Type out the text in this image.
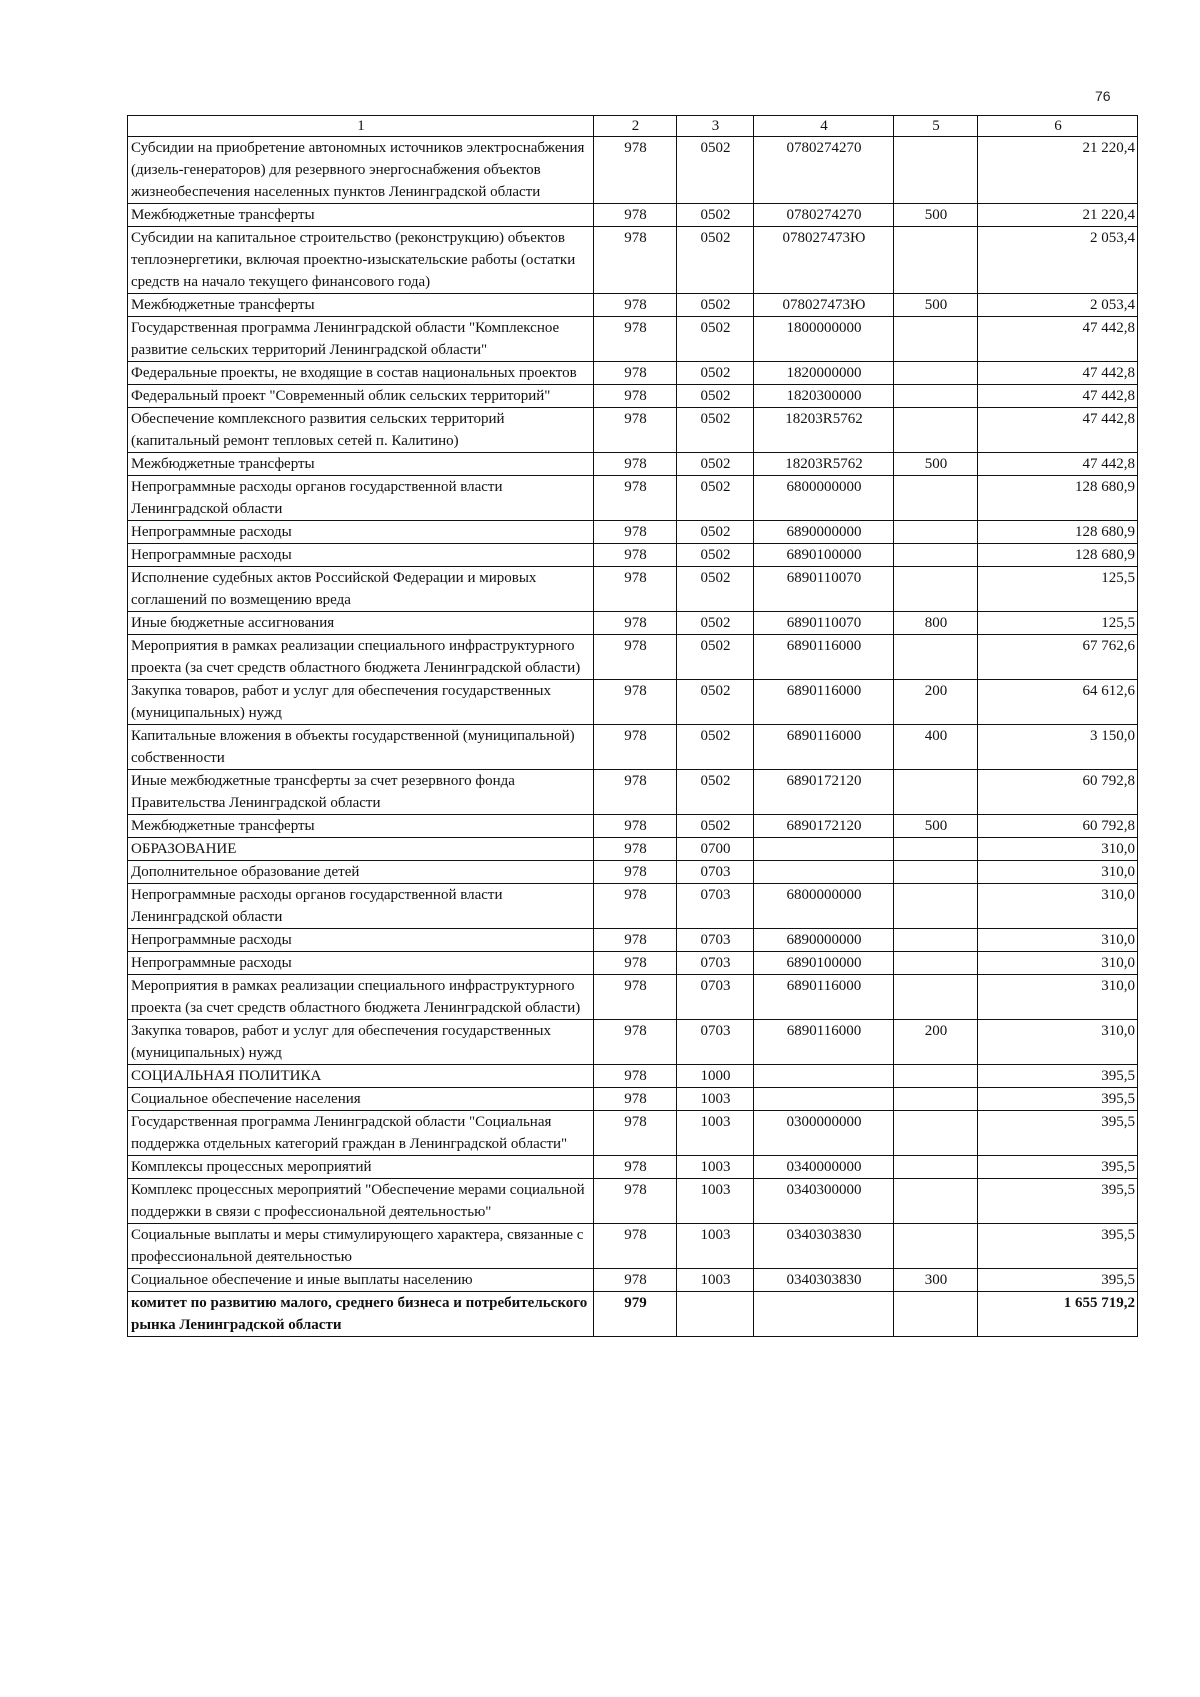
76
1	2	3	4	5	6
Субсидии на приобретение автономных источников электроснабжения (дизель-генераторов) для резервного энергоснабжения объектов жизнеобеспечения населенных пунктов Ленинградской области	978	0502	0780274270		21 220,4
Межбюджетные трансферты	978	0502	0780274270	500	21 220,4
Субсидии на капитальное строительство (реконструкцию) объектов теплоэнергетики, включая проектно-изыскательские работы (остатки средств на начало текущего финансового года)	978	0502	078027473Ю		2 053,4
Межбюджетные трансферты	978	0502	078027473Ю	500	2 053,4
Государственная программа Ленинградской области "Комплексное развитие сельских территорий Ленинградской области"	978	0502	1800000000		47 442,8
Федеральные проекты, не входящие в состав национальных проектов	978	0502	1820000000		47 442,8
Федеральный проект "Современный облик сельских территорий"	978	0502	1820300000		47 442,8
Обеспечение комплексного развития сельских территорий (капитальный ремонт тепловых сетей п. Калитино)	978	0502	18203R5762		47 442,8
Межбюджетные трансферты	978	0502	18203R5762	500	47 442,8
Непрограммные расходы органов государственной власти Ленинградской области	978	0502	6800000000		128 680,9
Непрограммные расходы	978	0502	6890000000		128 680,9
Непрограммные расходы	978	0502	6890100000		128 680,9
Исполнение судебных актов Российской Федерации и мировых соглашений по возмещению вреда	978	0502	6890110070		125,5
Иные бюджетные ассигнования	978	0502	6890110070	800	125,5
Мероприятия в рамках реализации специального инфраструктурного проекта (за счет средств областного бюджета Ленинградской области)	978	0502	6890116000		67 762,6
Закупка товаров, работ и услуг для обеспечения государственных (муниципальных) нужд	978	0502	6890116000	200	64 612,6
Капитальные вложения в объекты государственной (муниципальной) собственности	978	0502	6890116000	400	3 150,0
Иные межбюджетные трансферты за счет резервного фонда Правительства Ленинградской области	978	0502	6890172120		60 792,8
Межбюджетные трансферты	978	0502	6890172120	500	60 792,8
ОБРАЗОВАНИЕ	978	0700			310,0
Дополнительное образование детей	978	0703			310,0
Непрограммные расходы органов государственной власти Ленинградской области	978	0703	6800000000		310,0
Непрограммные расходы	978	0703	6890000000		310,0
Непрограммные расходы	978	0703	6890100000		310,0
Мероприятия в рамках реализации специального инфраструктурного проекта (за счет средств областного бюджета Ленинградской области)	978	0703	6890116000		310,0
Закупка товаров, работ и услуг для обеспечения государственных (муниципальных) нужд	978	0703	6890116000	200	310,0
СОЦИАЛЬНАЯ ПОЛИТИКА	978	1000			395,5
Социальное обеспечение населения	978	1003			395,5
Государственная программа Ленинградской области "Социальная поддержка отдельных категорий граждан в Ленинградской области"	978	1003	0300000000		395,5
Комплексы процессных мероприятий	978	1003	0340000000		395,5
Комплекс процессных мероприятий "Обеспечение мерами социальной поддержки в связи с профессиональной деятельностью"	978	1003	0340300000		395,5
Социальные выплаты и меры стимулирующего характера, связанные с профессиональной деятельностью	978	1003	0340303830		395,5
Социальное обеспечение и иные выплаты населению	978	1003	0340303830	300	395,5
комитет по развитию малого, среднего бизнеса и потребительского рынка Ленинградской области	979				1 655 719,2
